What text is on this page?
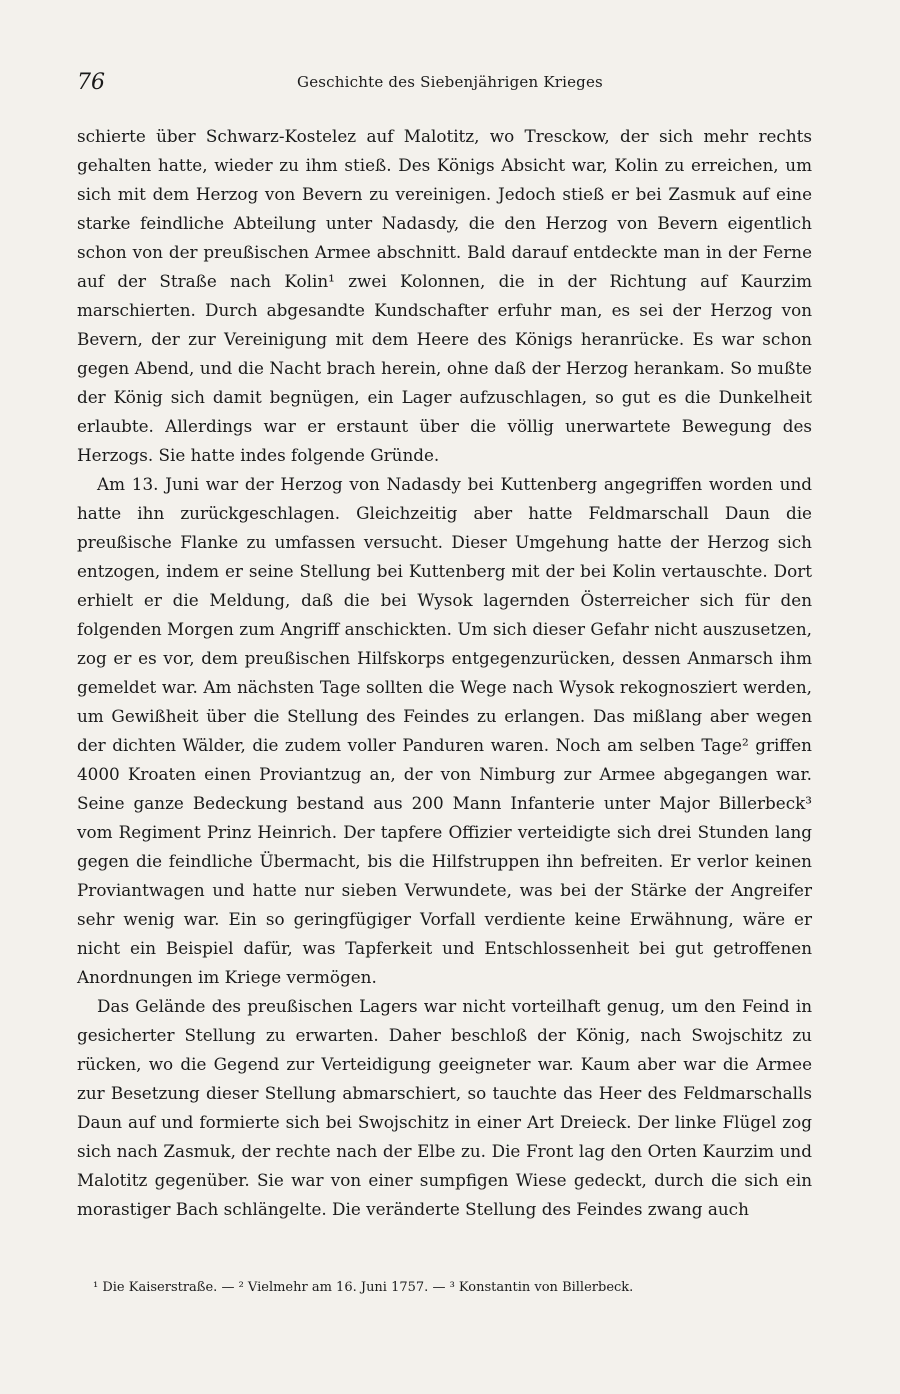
76	Geschichte des Siebenjährigen Krieges

schierte über Schwarz-Kostelez auf Malotitz, wo Tresckow, der sich mehr rechts gehalten hatte, wieder zu ihm stieß. Des Königs Absicht war, Kolin zu erreichen, um sich mit dem Herzog von Bevern zu vereinigen. Jedoch stieß er bei Zasmuk auf eine starke feindliche Abteilung unter Nadasdy, die den Herzog von Bevern eigentlich schon von der preußischen Armee abschnitt. Bald darauf entdeckte man in der Ferne auf der Straße nach Kolin¹ zwei Kolonnen, die in der Richtung auf Kaurzim marschierten. Durch abgesandte Kundschafter erfuhr man, es sei der Herzog von Bevern, der zur Vereinigung mit dem Heere des Königs heranrücke. Es war schon gegen Abend, und die Nacht brach herein, ohne daß der Herzog herankam. So mußte der König sich damit begnügen, ein Lager aufzuschlagen, so gut es die Dunkelheit erlaubte. Allerdings war er erstaunt über die völlig unerwartete Bewegung des Herzogs. Sie hatte indes folgende Gründe.

Am 13. Juni war der Herzog von Nadasdy bei Kuttenberg angegriffen worden und hatte ihn zurückgeschlagen. Gleichzeitig aber hatte Feldmarschall Daun die preußische Flanke zu umfassen versucht. Dieser Umgehung hatte der Herzog sich entzogen, indem er seine Stellung bei Kuttenberg mit der bei Kolin vertauschte. Dort erhielt er die Meldung, daß die bei Wysok lagernden Österreicher sich für den folgenden Morgen zum Angriff anschickten. Um sich dieser Gefahr nicht auszusetzen, zog er es vor, dem preußischen Hilfskorps entgegenzurücken, dessen Anmarsch ihm gemeldet war. Am nächsten Tage sollten die Wege nach Wysok rekognosziert werden, um Gewißheit über die Stellung des Feindes zu erlangen. Das mißlang aber wegen der dichten Wälder, die zudem voller Panduren waren. Noch am selben Tage² griffen 4000 Kroaten einen Proviantzug an, der von Nimburg zur Armee abgegangen war. Seine ganze Bedeckung bestand aus 200 Mann Infanterie unter Major Billerbeck³ vom Regiment Prinz Heinrich. Der tapfere Offizier verteidigte sich drei Stunden lang gegen die feindliche Übermacht, bis die Hilfstruppen ihn befreiten. Er verlor keinen Proviantwagen und hatte nur sieben Verwundete, was bei der Stärke der Angreifer sehr wenig war. Ein so geringfügiger Vorfall verdiente keine Erwähnung, wäre er nicht ein Beispiel dafür, was Tapferkeit und Entschlossenheit bei gut getroffenen Anordnungen im Kriege vermögen.

Das Gelände des preußischen Lagers war nicht vorteilhaft genug, um den Feind in gesicherter Stellung zu erwarten. Daher beschloß der König, nach Swojschitz zu rücken, wo die Gegend zur Verteidigung geeigneter war. Kaum aber war die Armee zur Besetzung dieser Stellung abmarschiert, so tauchte das Heer des Feldmarschalls Daun auf und formierte sich bei Swojschitz in einer Art Dreieck. Der linke Flügel zog sich nach Zasmuk, der rechte nach der Elbe zu. Die Front lag den Orten Kaurzim und Malotitz gegenüber. Sie war von einer sumpfigen Wiese gedeckt, durch die sich ein morastiger Bach schlängelte. Die veränderte Stellung des Feindes zwang auch

¹ Die Kaiserstraße. — ² Vielmehr am 16. Juni 1757. — ³ Konstantin von Billerbeck.
